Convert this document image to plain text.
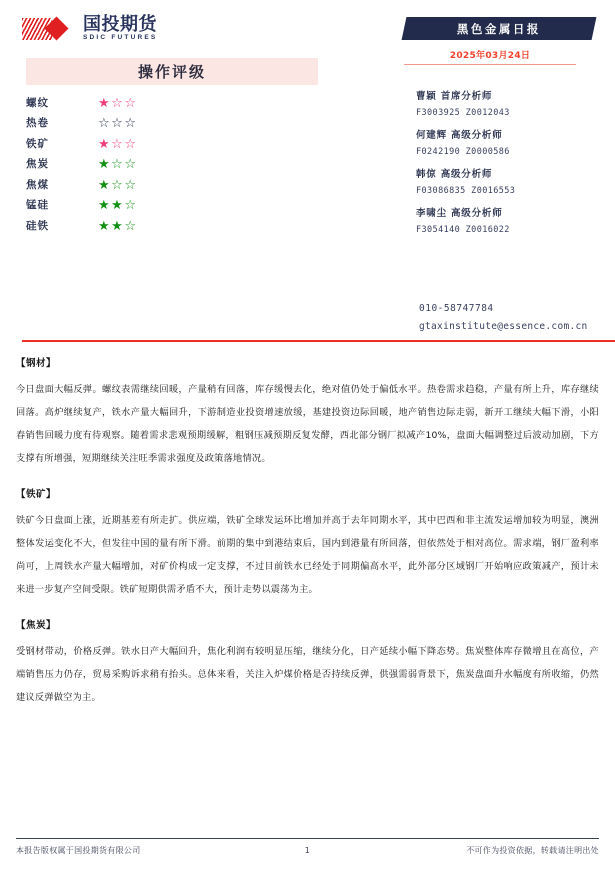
国投期货
SDIC FUTURES
操作评级
螺纹	★☆☆
热卷	☆☆☆
铁矿	★☆☆
焦炭	★☆☆
焦煤	★☆☆
锰硅	★★☆
硅铁	★★☆
黑色金属日报
2025年03月24日
曹颖 首席分析师
F3003925 Z0012043
何建辉 高级分析师
F0242190 Z0000586
韩倞 高级分析师
F03086835 Z0016553
李啸尘 高级分析师
F3054140 Z0016022
010-58747784
gtaxinstitute@essence.com.cn
【钢材】
今日盘面大幅反弹。螺纹表需继续回暖，产量稍有回落，库存缓慢去化，绝对值仍处于偏低水平。热卷需求趋稳，产量有所上升，库存继续回落。高炉继续复产，铁水产量大幅回升，下游制造业投资增速放缓，基建投资边际回暖，地产销售边际走弱，新开工继续大幅下滑，小阳春销售回暖力度有待观察。随着需求悲观预期缓解，粗钢压减预期反复发酵，西北部分钢厂拟减产10%，盘面大幅调整过后波动加剧，下方支撑有所增强，短期继续关注旺季需求强度及政策落地情况。
【铁矿】
铁矿今日盘面上涨，近期基差有所走扩。供应端，铁矿全球发运环比增加并高于去年同期水平，其中巴西和非主流发运增加较为明显，澳洲整体发运变化不大，但发往中国的量有所下滑。前期的集中到港结束后，国内到港量有所回落，但依然处于相对高位。需求端，钢厂盈利率尚可，上周铁水产量大幅增加，对矿价构成一定支撑，不过目前铁水已经处于同期偏高水平，此外部分区域钢厂开始响应政策减产，预计未来进一步复产空间受限。铁矿短期供需矛盾不大，预计走势以震荡为主。
【焦炭】
受钢材带动，价格反弹。铁水日产大幅回升，焦化利润有较明显压缩，继续分化，日产延续小幅下降态势。焦炭整体库存微增且在高位，产端销售压力仍存，贸易采购诉求稍有抬头。总体来看，关注入炉煤价格是否持续反弹，供强需弱背景下，焦炭盘面升水幅度有所收缩，仍然建议反弹做空为主。
本报告版权属于国投期货有限公司	1	不可作为投资依据，转载请注明出处
